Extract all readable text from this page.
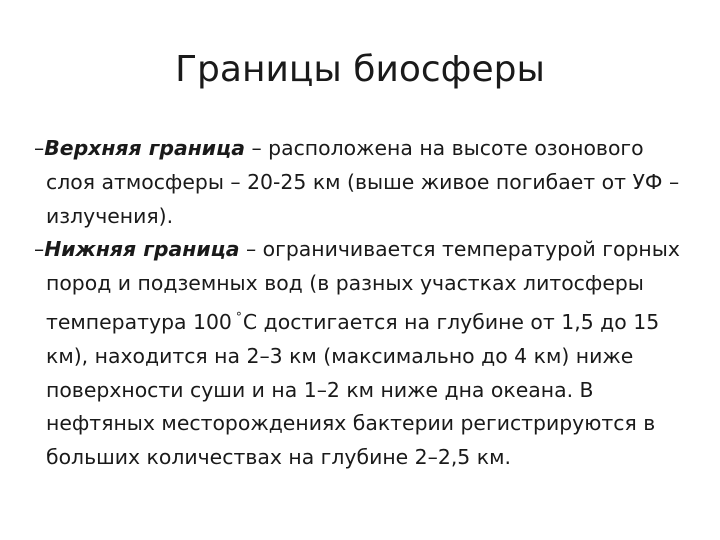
Границы биосферы

–Верхняя граница – расположена на высоте озонового слоя атмосферы – 20-25 км (выше живое погибает от УФ – излучения).

–Нижняя граница – ограничивается температурой горных пород и подземных вод (в разных участках литосферы температура 100 °С достигается на глубине от 1,5 до 15 км), находится на 2–3 км (максимально до 4 км) ниже поверхности суши и на 1–2 км ниже дна океана. В нефтяных месторождениях бактерии регистрируются в больших количествах на глубине 2–2,5 км.
